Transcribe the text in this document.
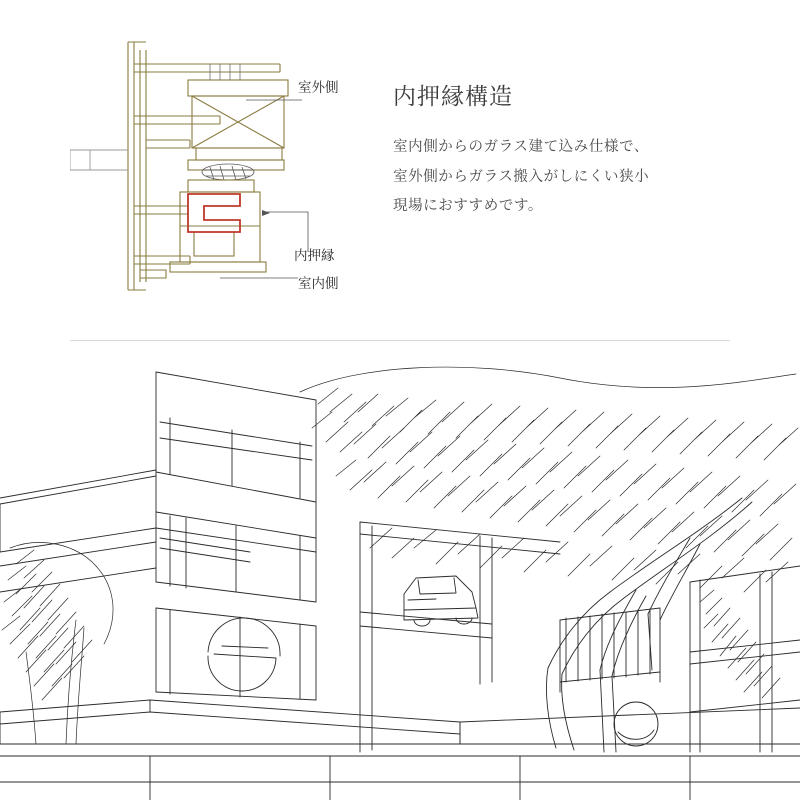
室外側
内押縁
室内側
内押縁構造

室内側からのガラス建て込み仕様で、室外側からガラス搬入がしにくい狭小現場におすすめです。
